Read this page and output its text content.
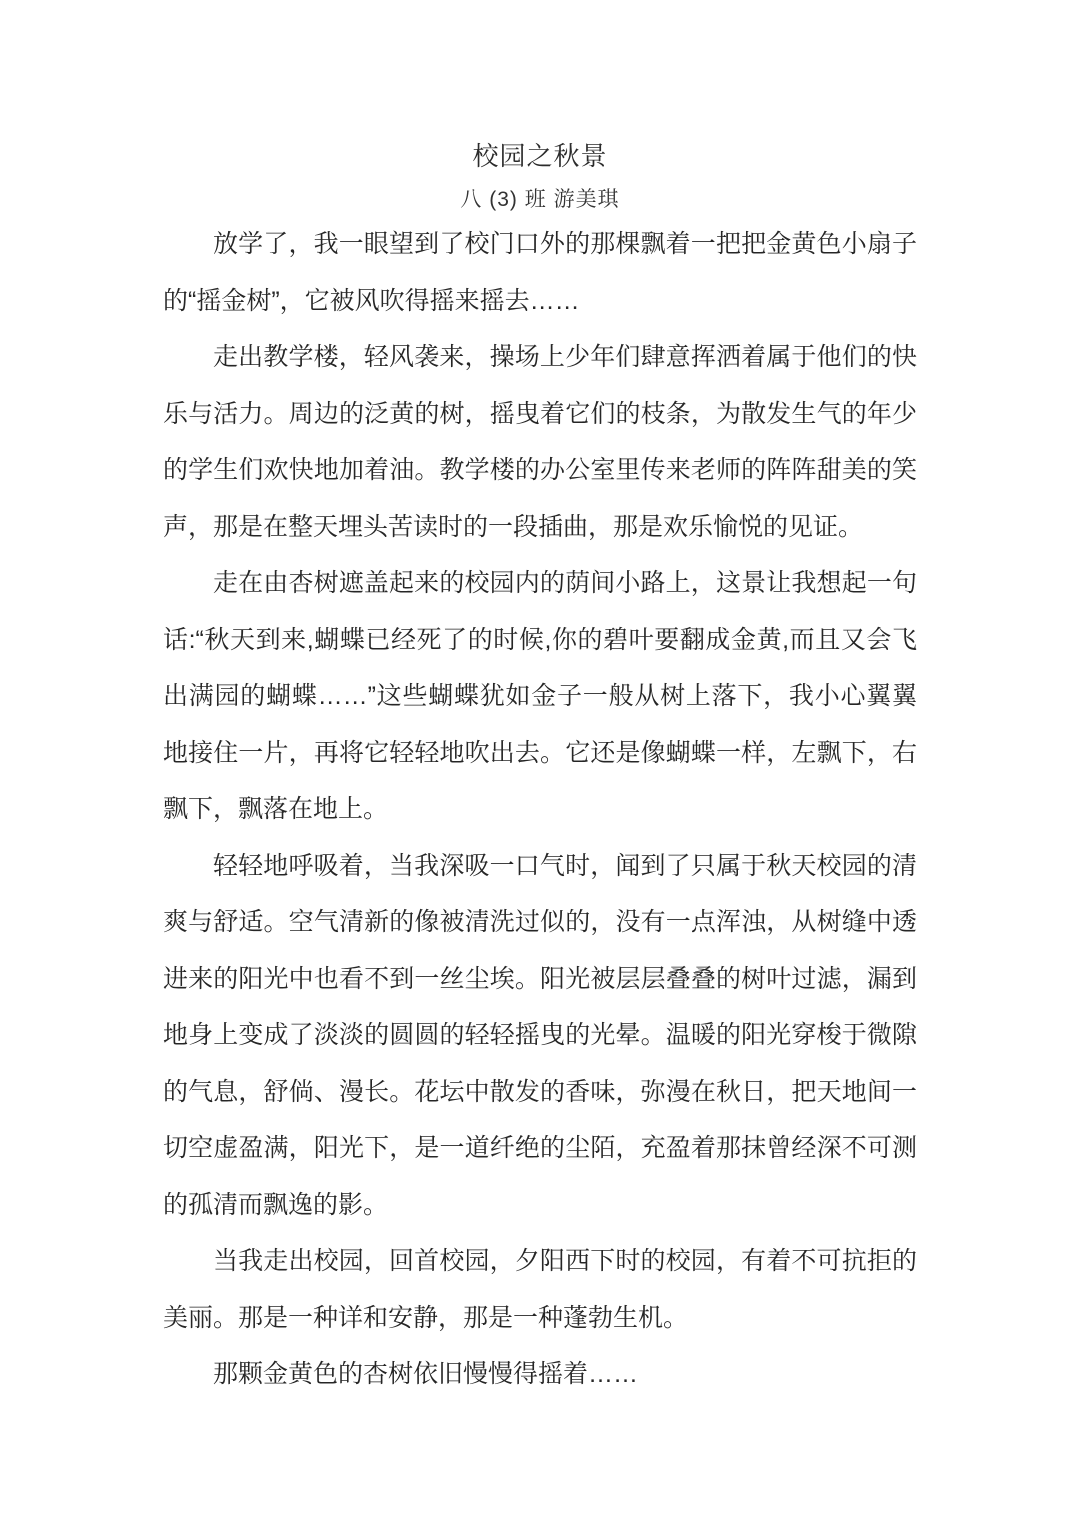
校园之秋景
八 (3) 班 游美琪

放学了，我一眼望到了校门口外的那棵飘着一把把金黄色小扇子的“摇金树”，它被风吹得摇来摇去……

走出教学楼，轻风袭来，操场上少年们肆意挥洒着属于他们的快乐与活力。周边的泛黄的树，摇曳着它们的枝条，为散发生气的年少的学生们欢快地加着油。教学楼的办公室里传来老师的阵阵甜美的笑声，那是在整天埋头苦读时的一段插曲，那是欢乐愉悦的见证。

走在由杏树遮盖起来的校园内的荫间小路上，这景让我想起一句话:“秋天到来,蝴蝶已经死了的时候,你的碧叶要翻成金黄,而且又会飞出满园的蝴蝶……”这些蝴蝶犹如金子一般从树上落下，我小心翼翼地接住一片，再将它轻轻地吹出去。它还是像蝴蝶一样，左飘下，右飘下，飘落在地上。

轻轻地呼吸着，当我深吸一口气时，闻到了只属于秋天校园的清爽与舒适。空气清新的像被清洗过似的，没有一点浑浊，从树缝中透进来的阳光中也看不到一丝尘埃。阳光被层层叠叠的树叶过滤，漏到地身上变成了淡淡的圆圆的轻轻摇曳的光晕。温暖的阳光穿梭于微隙的气息，舒倘、漫长。花坛中散发的香味，弥漫在秋日，把天地间一切空虚盈满，阳光下，是一道纤绝的尘陌，充盈着那抹曾经深不可测的孤清而飘逸的影。

当我走出校园，回首校园，夕阳西下时的校园，有着不可抗拒的美丽。那是一种详和安静，那是一种蓬勃生机。

那颗金黄色的杏树依旧慢慢得摇着……
